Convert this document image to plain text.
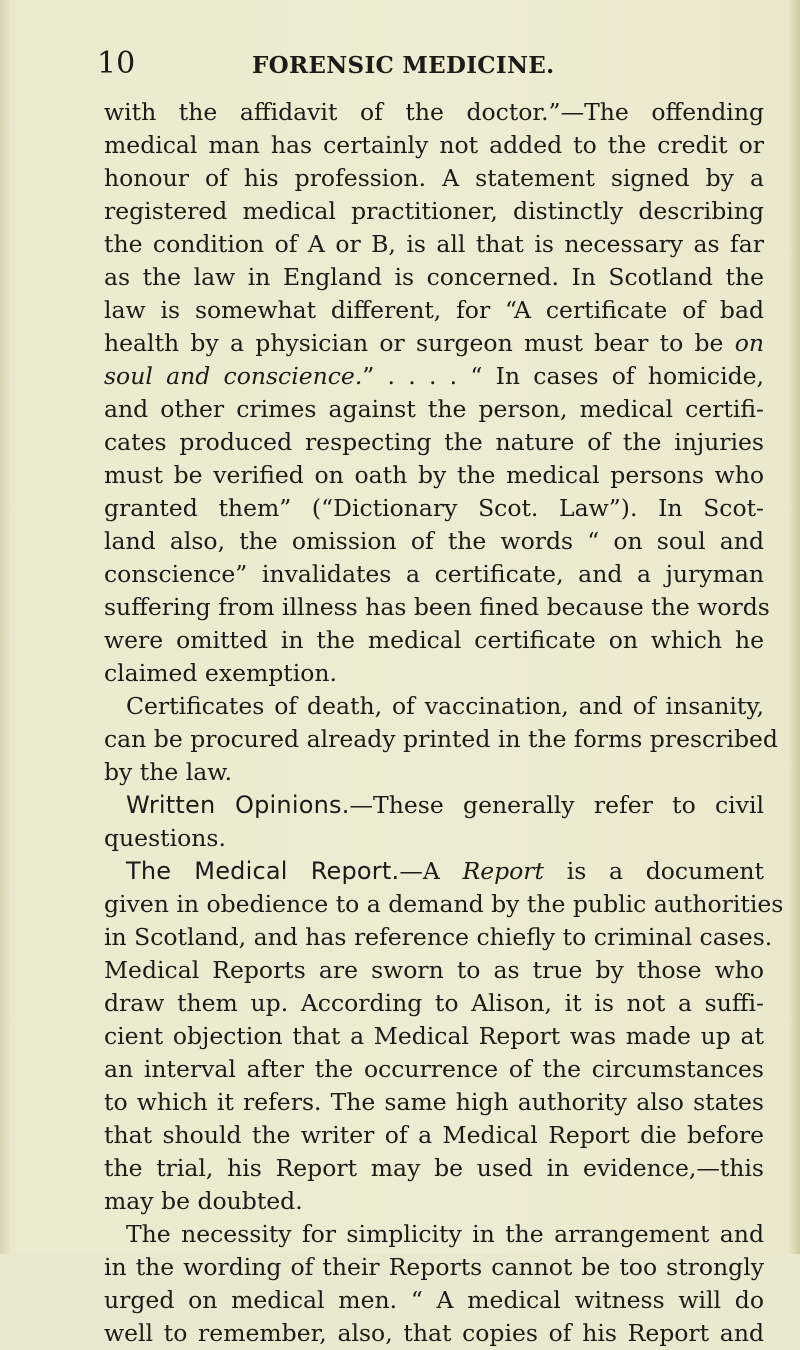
10	FORENSIC MEDICINE.
with the affidavit of the doctor.”—The offending
medical man has certainly not added to the credit or
honour of his profession. A statement signed by a
registered medical practitioner, distinctly describing
the condition of A or B, is all that is necessary as far
as the law in England is concerned. In Scotland the
law is somewhat different, for “A certificate of bad
health by a physician or surgeon must bear to be on
soul and conscience.” . . . . “ In cases of homicide,
and other crimes against the person, medical certifi-
cates produced respecting the nature of the injuries
must be verified on oath by the medical persons who
granted them” (“Dictionary Scot. Law”). In Scot-
land also, the omission of the words “ on soul and
conscience” invalidates a certificate, and a juryman
suffering from illness has been fined because the words
were omitted in the medical certificate on which he
claimed exemption.
Certificates of death, of vaccination, and of insanity,
can be procured already printed in the forms prescribed
by the law.
Written Opinions.—These generally refer to civil
questions.
The Medical Report.—A Report is a document
given in obedience to a demand by the public authorities
in Scotland, and has reference chiefly to criminal cases.
Medical Reports are sworn to as true by those who
draw them up. According to Alison, it is not a suffi-
cient objection that a Medical Report was made up at
an interval after the occurrence of the circumstances
to which it refers. The same high authority also states
that should the writer of a Medical Report die before
the trial, his Report may be used in evidence,—this
may be doubted.
The necessity for simplicity in the arrangement and
in the wording of their Reports cannot be too strongly
urged on medical men. “ A medical witness will do
well to remember, also, that copies of his Report and
